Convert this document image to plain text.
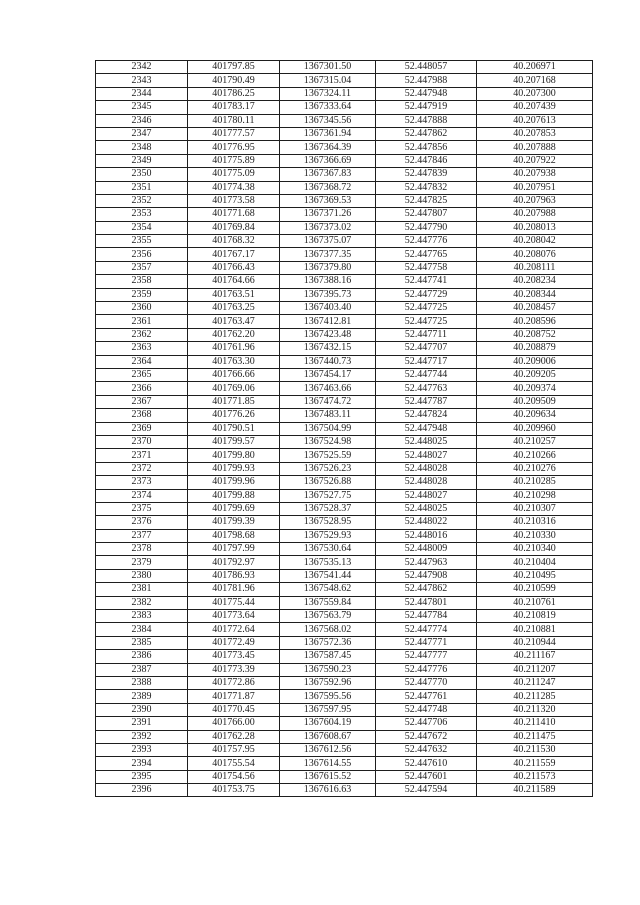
2342	401797.85	1367301.50	52.448057	40.206971
2343	401790.49	1367315.04	52.447988	40.207168
2344	401786.25	1367324.11	52.447948	40.207300
2345	401783.17	1367333.64	52.447919	40.207439
2346	401780.11	1367345.56	52.447888	40.207613
2347	401777.57	1367361.94	52.447862	40.207853
2348	401776.95	1367364.39	52.447856	40.207888
2349	401775.89	1367366.69	52.447846	40.207922
2350	401775.09	1367367.83	52.447839	40.207938
2351	401774.38	1367368.72	52.447832	40.207951
2352	401773.58	1367369.53	52.447825	40.207963
2353	401771.68	1367371.26	52.447807	40.207988
2354	401769.84	1367373.02	52.447790	40.208013
2355	401768.32	1367375.07	52.447776	40.208042
2356	401767.17	1367377.35	52.447765	40.208076
2357	401766.43	1367379.80	52.447758	40.208111
2358	401764.66	1367388.16	52.447741	40.208234
2359	401763.51	1367395.73	52.447729	40.208344
2360	401763.25	1367403.40	52.447725	40.208457
2361	401763.47	1367412.81	52.447725	40.208596
2362	401762.20	1367423.48	52.447711	40.208752
2363	401761.96	1367432.15	52.447707	40.208879
2364	401763.30	1367440.73	52.447717	40.209006
2365	401766.66	1367454.17	52.447744	40.209205
2366	401769.06	1367463.66	52.447763	40.209374
2367	401771.85	1367474.72	52.447787	40.209509
2368	401776.26	1367483.11	52.447824	40.209634
2369	401790.51	1367504.99	52.447948	40.209960
2370	401799.57	1367524.98	52.448025	40.210257
2371	401799.80	1367525.59	52.448027	40.210266
2372	401799.93	1367526.23	52.448028	40.210276
2373	401799.96	1367526.88	52.448028	40.210285
2374	401799.88	1367527.75	52.448027	40.210298
2375	401799.69	1367528.37	52.448025	40.210307
2376	401799.39	1367528.95	52.448022	40.210316
2377	401798.68	1367529.93	52.448016	40.210330
2378	401797.99	1367530.64	52.448009	40.210340
2379	401792.97	1367535.13	52.447963	40.210404
2380	401786.93	1367541.44	52.447908	40.210495
2381	401781.96	1367548.62	52.447862	40.210599
2382	401775.44	1367559.84	52.447801	40.210761
2383	401773.64	1367563.79	52.447784	40.210819
2384	401772.64	1367568.02	52.447774	40.210881
2385	401772.49	1367572.36	52.447771	40.210944
2386	401773.45	1367587.45	52.447777	40.211167
2387	401773.39	1367590.23	52.447776	40.211207
2388	401772.86	1367592.96	52.447770	40.211247
2389	401771.87	1367595.56	52.447761	40.211285
2390	401770.45	1367597.95	52.447748	40.211320
2391	401766.00	1367604.19	52.447706	40.211410
2392	401762.28	1367608.67	52.447672	40.211475
2393	401757.95	1367612.56	52.447632	40.211530
2394	401755.54	1367614.55	52.447610	40.211559
2395	401754.56	1367615.52	52.447601	40.211573
2396	401753.75	1367616.63	52.447594	40.211589
